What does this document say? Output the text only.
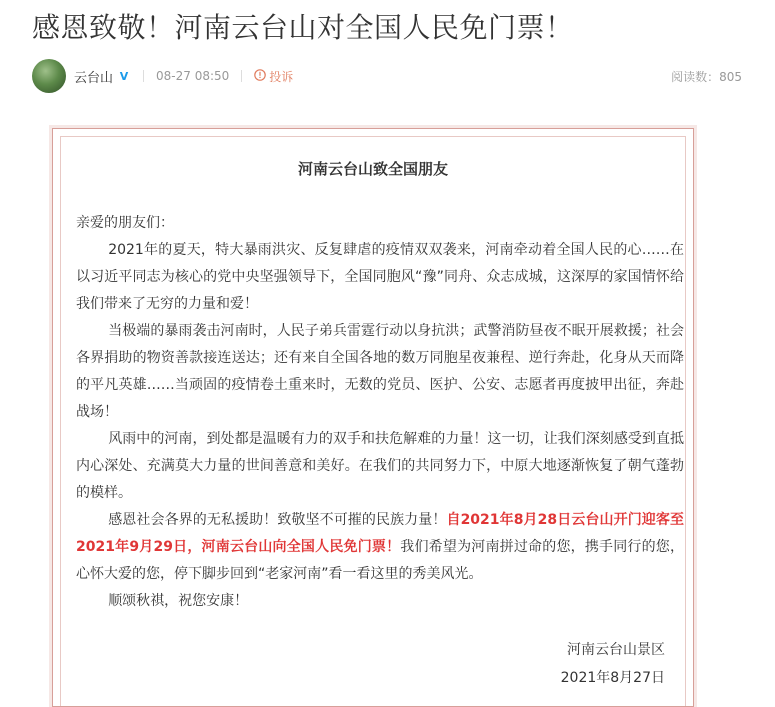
感恩致敬！河南云台山对全国人民免门票！
云台山 V 08-27 08:50	投诉	阅读数：805
河南云台山致全国朋友

亲爱的朋友们：

2021年的夏天，特大暴雨洪灾、反复肆虐的疫情双双袭来，河南牵动着全国人民的心……在以习近平同志为核心的党中央坚强领导下，全国同胞风“豫”同舟、众志成城，这深厚的家国情怀给我们带来了无穷的力量和爱！

当极端的暴雨袭击河南时，人民子弟兵雷霆行动以身抗洪；武警消防昼夜不眠开展救援；社会各界捐助的物资善款接连送达；还有来自全国各地的数万同胞星夜兼程、逆行奔赴，化身从天而降的平凡英雄……当顽固的疫情卷土重来时，无数的党员、医护、公安、志愿者再度披甲出征，奔赴战场！

风雨中的河南，到处都是温暖有力的双手和扶危解难的力量！这一切，让我们深刻感受到直抵内心深处、充满莫大力量的世间善意和美好。在我们的共同努力下，中原大地逐渐恢复了朝气蓬勃的模样。

感恩社会各界的无私援助！致敬坚不可摧的民族力量！自2021年8月28日云台山开门迎客至2021年9月29日，河南云台山向全国人民免门票！我们希望为河南拼过命的您，携手同行的您，心怀大爱的您，停下脚步回到“老家河南”看一看这里的秀美风光。

顺颂秋祺，祝您安康！

河南云台山景区
2021年8月27日
